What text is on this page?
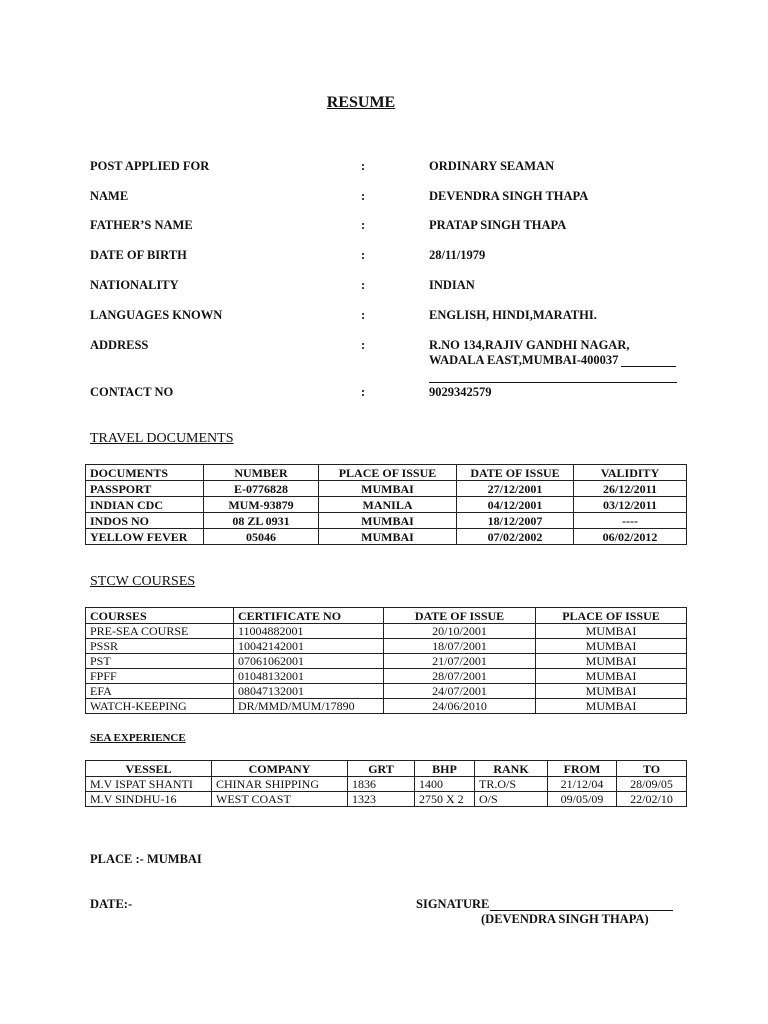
RESUME
POST APPLIED FOR	:	ORDINARY SEAMAN
NAME	:	DEVENDRA SINGH THAPA
FATHER’S NAME	:	PRATAP SINGH THAPA
DATE OF BIRTH	:	28/11/1979
NATIONALITY	:	INDIAN
LANGUAGES KNOWN	:	ENGLISH, HINDI,MARATHI.
ADDRESS	:	R.NO 134,RAJIV GANDHI NAGAR,
WADALA EAST,MUMBAI-400037
CONTACT NO	:	9029342579
TRAVEL DOCUMENTS
DOCUMENTS	NUMBER	PLACE OF ISSUE	DATE OF ISSUE	VALIDITY
PASSPORT	E-0776828	MUMBAI	27/12/2001	26/12/2011
INDIAN CDC	MUM-93879	MANILA	04/12/2001	03/12/2011
INDOS NO	08 ZL 0931	MUMBAI	18/12/2007	----
YELLOW FEVER	05046	MUMBAI	07/02/2002	06/02/2012
STCW COURSES
COURSES	CERTIFICATE NO	DATE OF ISSUE	PLACE OF ISSUE
PRE-SEA COURSE	11004882001	20/10/2001	MUMBAI
PSSR	10042142001	18/07/2001	MUMBAI
PST	07061062001	21/07/2001	MUMBAI
FPFF	01048132001	28/07/2001	MUMBAI
EFA	08047132001	24/07/2001	MUMBAI
WATCH-KEEPING	DR/MMD/MUM/17890	24/06/2010	MUMBAI
SEA EXPERIENCE
VESSEL	COMPANY	GRT	BHP	RANK	FROM	TO
M.V ISPAT SHANTI	CHINAR SHIPPING	1836	1400	TR.O/S	21/12/04	28/09/05
M.V SINDHU-16	WEST COAST	1323	2750 X 2	O/S	09/05/09	22/02/10
PLACE :- MUMBAI
DATE:-	SIGNATURE
(DEVENDRA SINGH THAPA)
